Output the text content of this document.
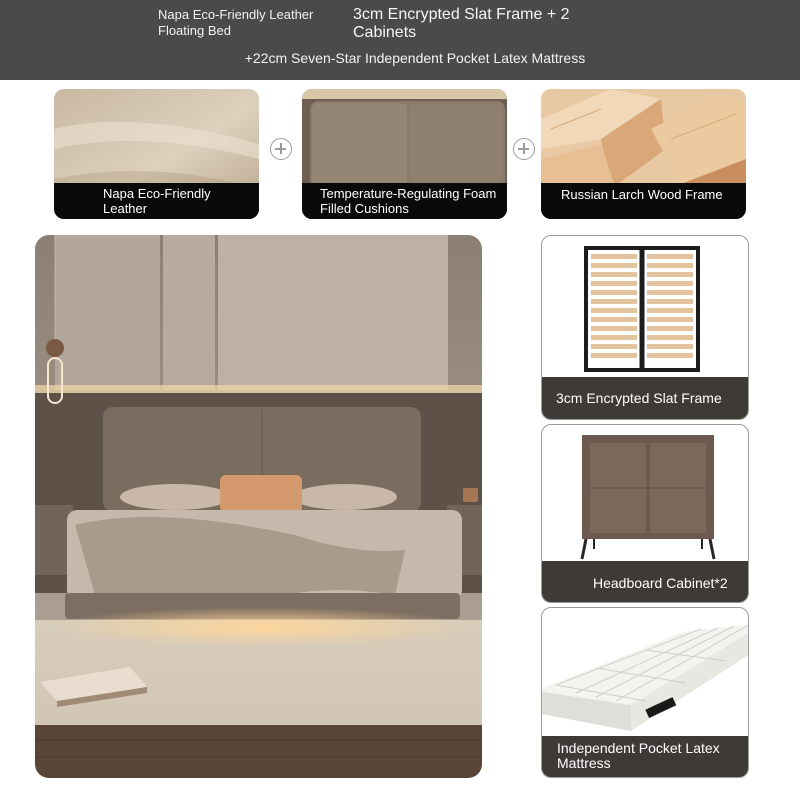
Napa Eco-Friendly Leather Floating Bed
3cm Encrypted Slat Frame + 2 Cabinets
+22cm Seven-Star Independent Pocket Latex Mattress
Napa Eco-Friendly Leather
Temperature-Regulating Foam Filled Cushions
Russian Larch Wood Frame
3cm Encrypted Slat Frame
Headboard Cabinet*2
Independent Pocket Latex Mattress
